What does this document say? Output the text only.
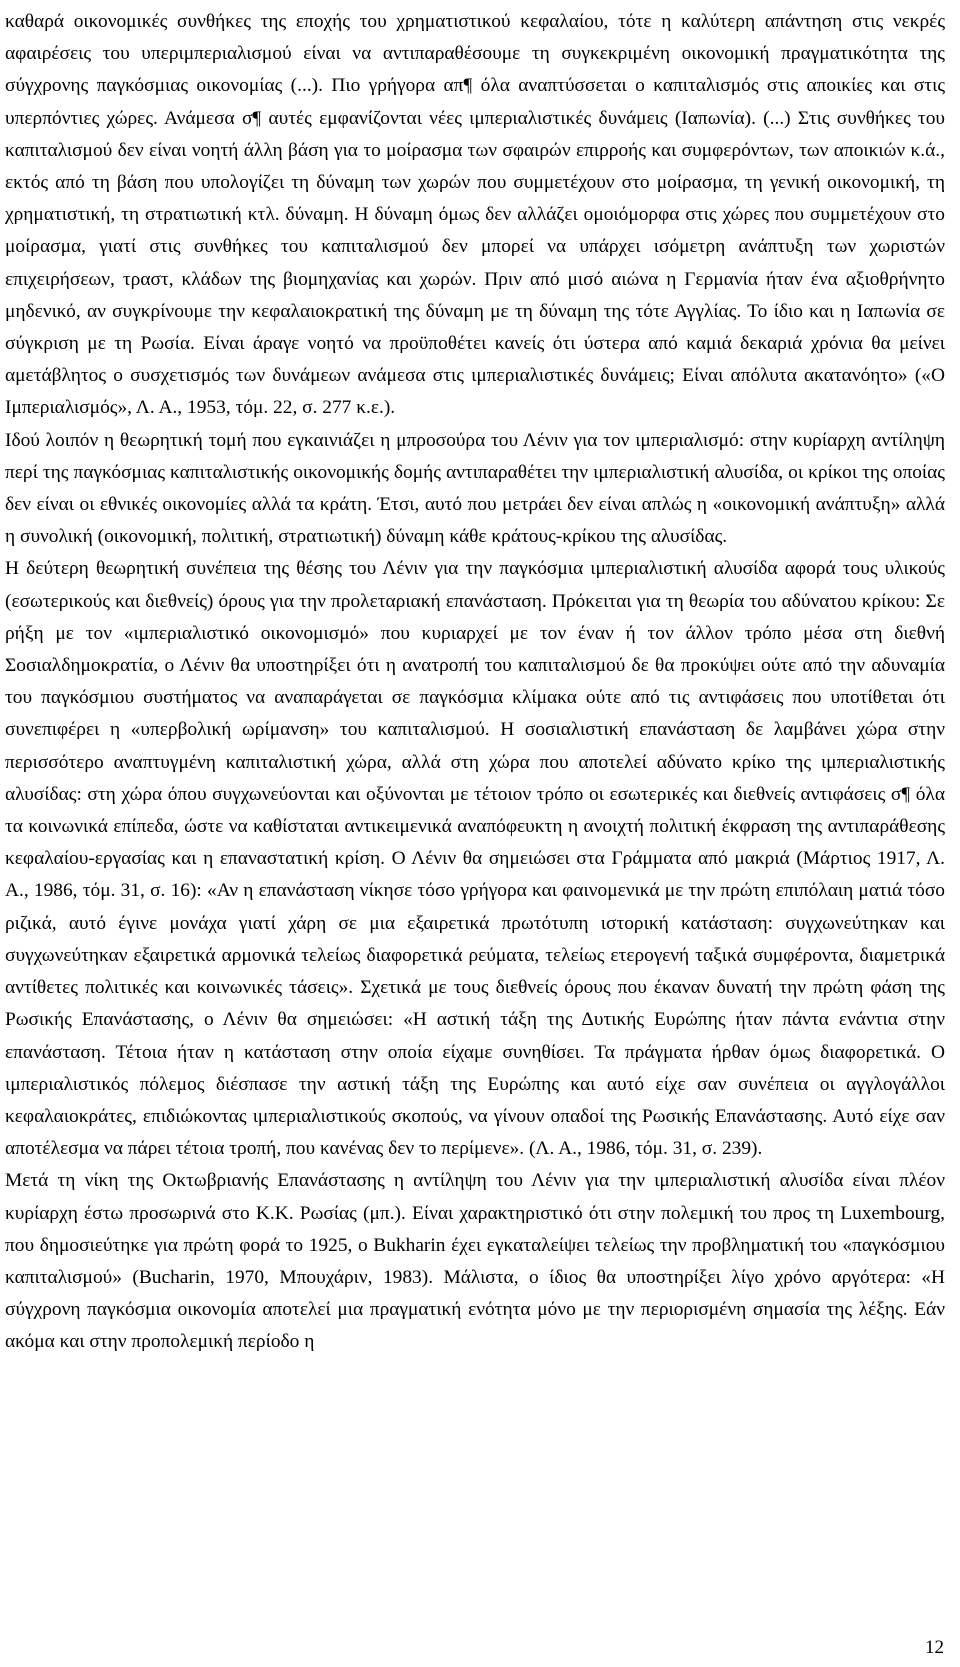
καθαρά οικονομικές συνθήκες της εποχής του χρηματιστικού κεφαλαίου, τότε η καλύτερη απάντηση στις νεκρές αφαιρέσεις του υπεριμπεριαλισμού είναι να αντιπαραθέσουμε τη συγκεκριμένη οικονομική πραγματικότητα της σύγχρονης παγκόσμιας οικονομίας (...). Πιο γρήγορα απ¶ όλα αναπτύσσεται ο καπιταλισμός στις αποικίες και στις υπερπόντιες χώρες. Ανάμεσα σ¶ αυτές εμφανίζονται νέες ιμπεριαλιστικές δυνάμεις (Ιαπωνία). (...) Στις συνθήκες του καπιταλισμού δεν είναι νοητή άλλη βάση για το μοίρασμα των σφαιρών επιρροής και συμφερόντων, των αποικιών κ.ά., εκτός από τη βάση που υπολογίζει τη δύναμη των χωρών που συμμετέχουν στο μοίρασμα, τη γενική οικονομική, τη χρηματιστική, τη στρατιωτική κτλ. δύναμη. Η δύναμη όμως δεν αλλάζει ομοιόμορφα στις χώρες που συμμετέχουν στο μοίρασμα, γιατί στις συνθήκες του καπιταλισμού δεν μπορεί να υπάρχει ισόμετρη ανάπτυξη των χωριστών επιχειρήσεων, τραστ, κλάδων της βιομηχανίας και χωρών. Πριν από μισό αιώνα η Γερμανία ήταν ένα αξιοθρήνητο μηδενικό, αν συγκρίνουμε την κεφαλαιοκρατική της δύναμη με τη δύναμη της τότε Αγγλίας. Το ίδιο και η Ιαπωνία σε σύγκριση με τη Ρωσία. Είναι άραγε νοητό να προϋποθέτει κανείς ότι ύστερα από καμιά δεκαριά χρόνια θα μείνει αμετάβλητος ο συσχετισμός των δυνάμεων ανάμεσα στις ιμπεριαλιστικές δυνάμεις; Είναι απόλυτα ακατανόητο» («Ο Ιμπεριαλισμός», Λ. Α., 1953, τόμ. 22, σ. 277 κ.ε.).

Ιδού λοιπόν η θεωρητική τομή που εγκαινιάζει η μπροσούρα του Λένιν για τον ιμπεριαλισμό: στην κυρίαρχη αντίληψη περί της παγκόσμιας καπιταλιστικής οικονομικής δομής αντιπαραθέτει την ιμπεριαλιστική αλυσίδα, οι κρίκοι της οποίας δεν είναι οι εθνικές οικονομίες αλλά τα κράτη. Έτσι, αυτό που μετράει δεν είναι απλώς η «οικονομική ανάπτυξη» αλλά η συνολική (οικονομική, πολιτική, στρατιωτική) δύναμη κάθε κράτους-κρίκου της αλυσίδας.

Η δεύτερη θεωρητική συνέπεια της θέσης του Λένιν για την παγκόσμια ιμπεριαλιστική αλυσίδα αφορά τους υλικούς (εσωτερικούς και διεθνείς) όρους για την προλεταριακή επανάσταση. Πρόκειται για τη θεωρία του αδύνατου κρίκου: Σε ρήξη με τον «ιμπεριαλιστικό οικονομισμό» που κυριαρχεί με τον έναν ή τον άλλον τρόπο μέσα στη διεθνή Σοσιαλδημοκρατία, ο Λένιν θα υποστηρίξει ότι η ανατροπή του καπιταλισμού δε θα προκύψει ούτε από την αδυναμία του παγκόσμιου συστήματος να αναπαράγεται σε παγκόσμια κλίμακα ούτε από τις αντιφάσεις που υποτίθεται ότι συνεπιφέρει η «υπερβολική ωρίμανση» του καπιταλισμού. Η σοσιαλιστική επανάσταση δε λαμβάνει χώρα στην περισσότερο αναπτυγμένη καπιταλιστική χώρα, αλλά στη χώρα που αποτελεί αδύνατο κρίκο της ιμπεριαλιστικής αλυσίδας: στη χώρα όπου συγχωνεύονται και οξύνονται με τέτοιον τρόπο οι εσωτερικές και διεθνείς αντιφάσεις σ¶ όλα τα κοινωνικά επίπεδα, ώστε να καθίσταται αντικειμενικά αναπόφευκτη η ανοιχτή πολιτική έκφραση της αντιπαράθεσης κεφαλαίου-εργασίας και η επαναστατική κρίση. Ο Λένιν θα σημειώσει στα Γράμματα από μακριά (Μάρτιος 1917, Λ. Α., 1986, τόμ. 31, σ. 16): «Αν η επανάσταση νίκησε τόσο γρήγορα και φαινομενικά με την πρώτη επιπόλαιη ματιά τόσο ριζικά, αυτό έγινε μονάχα γιατί χάρη σε μια εξαιρετικά πρωτότυπη ιστορική κατάσταση: συγχωνεύτηκαν και συγχωνεύτηκαν εξαιρετικά αρμονικά τελείως διαφορετικά ρεύματα, τελείως ετερογενή ταξικά συμφέροντα, διαμετρικά αντίθετες πολιτικές και κοινωνικές τάσεις». Σχετικά με τους διεθνείς όρους που έκαναν δυνατή την πρώτη φάση της Ρωσικής Επανάστασης, ο Λένιν θα σημειώσει: «Η αστική τάξη της Δυτικής Ευρώπης ήταν πάντα ενάντια στην επανάσταση. Τέτοια ήταν η κατάσταση στην οποία είχαμε συνηθίσει. Τα πράγματα ήρθαν όμως διαφορετικά. Ο ιμπεριαλιστικός πόλεμος διέσπασε την αστική τάξη της Ευρώπης και αυτό είχε σαν συνέπεια οι αγγλογάλλοι κεφαλαιοκράτες, επιδιώκοντας ιμπεριαλιστικούς σκοπούς, να γίνουν οπαδοί της Ρωσικής Επανάστασης. Αυτό είχε σαν αποτέλεσμα να πάρει τέτοια τροπή, που κανένας δεν το περίμενε». (Λ. Α., 1986, τόμ. 31, σ. 239).

Μετά τη νίκη της Οκτωβριανής Επανάστασης η αντίληψη του Λένιν για την ιμπεριαλιστική αλυσίδα είναι πλέον κυρίαρχη έστω προσωρινά στο Κ.Κ. Ρωσίας (μπ.). Είναι χαρακτηριστικό ότι στην πολεμική του προς τη Luxembourg, που δημοσιεύτηκε για πρώτη φορά το 1925, ο Bukharin έχει εγκαταλείψει τελείως την προβληματική του «παγκόσμιου καπιταλισμού» (Bucharin, 1970, Μπουχάριν, 1983). Μάλιστα, ο ίδιος θα υποστηρίξει λίγο χρόνο αργότερα: «Η σύγχρονη παγκόσμια οικονομία αποτελεί μια πραγματική ενότητα μόνο με την περιορισμένη σημασία της λέξης. Εάν ακόμα και στην προπολεμική περίοδο η

12
